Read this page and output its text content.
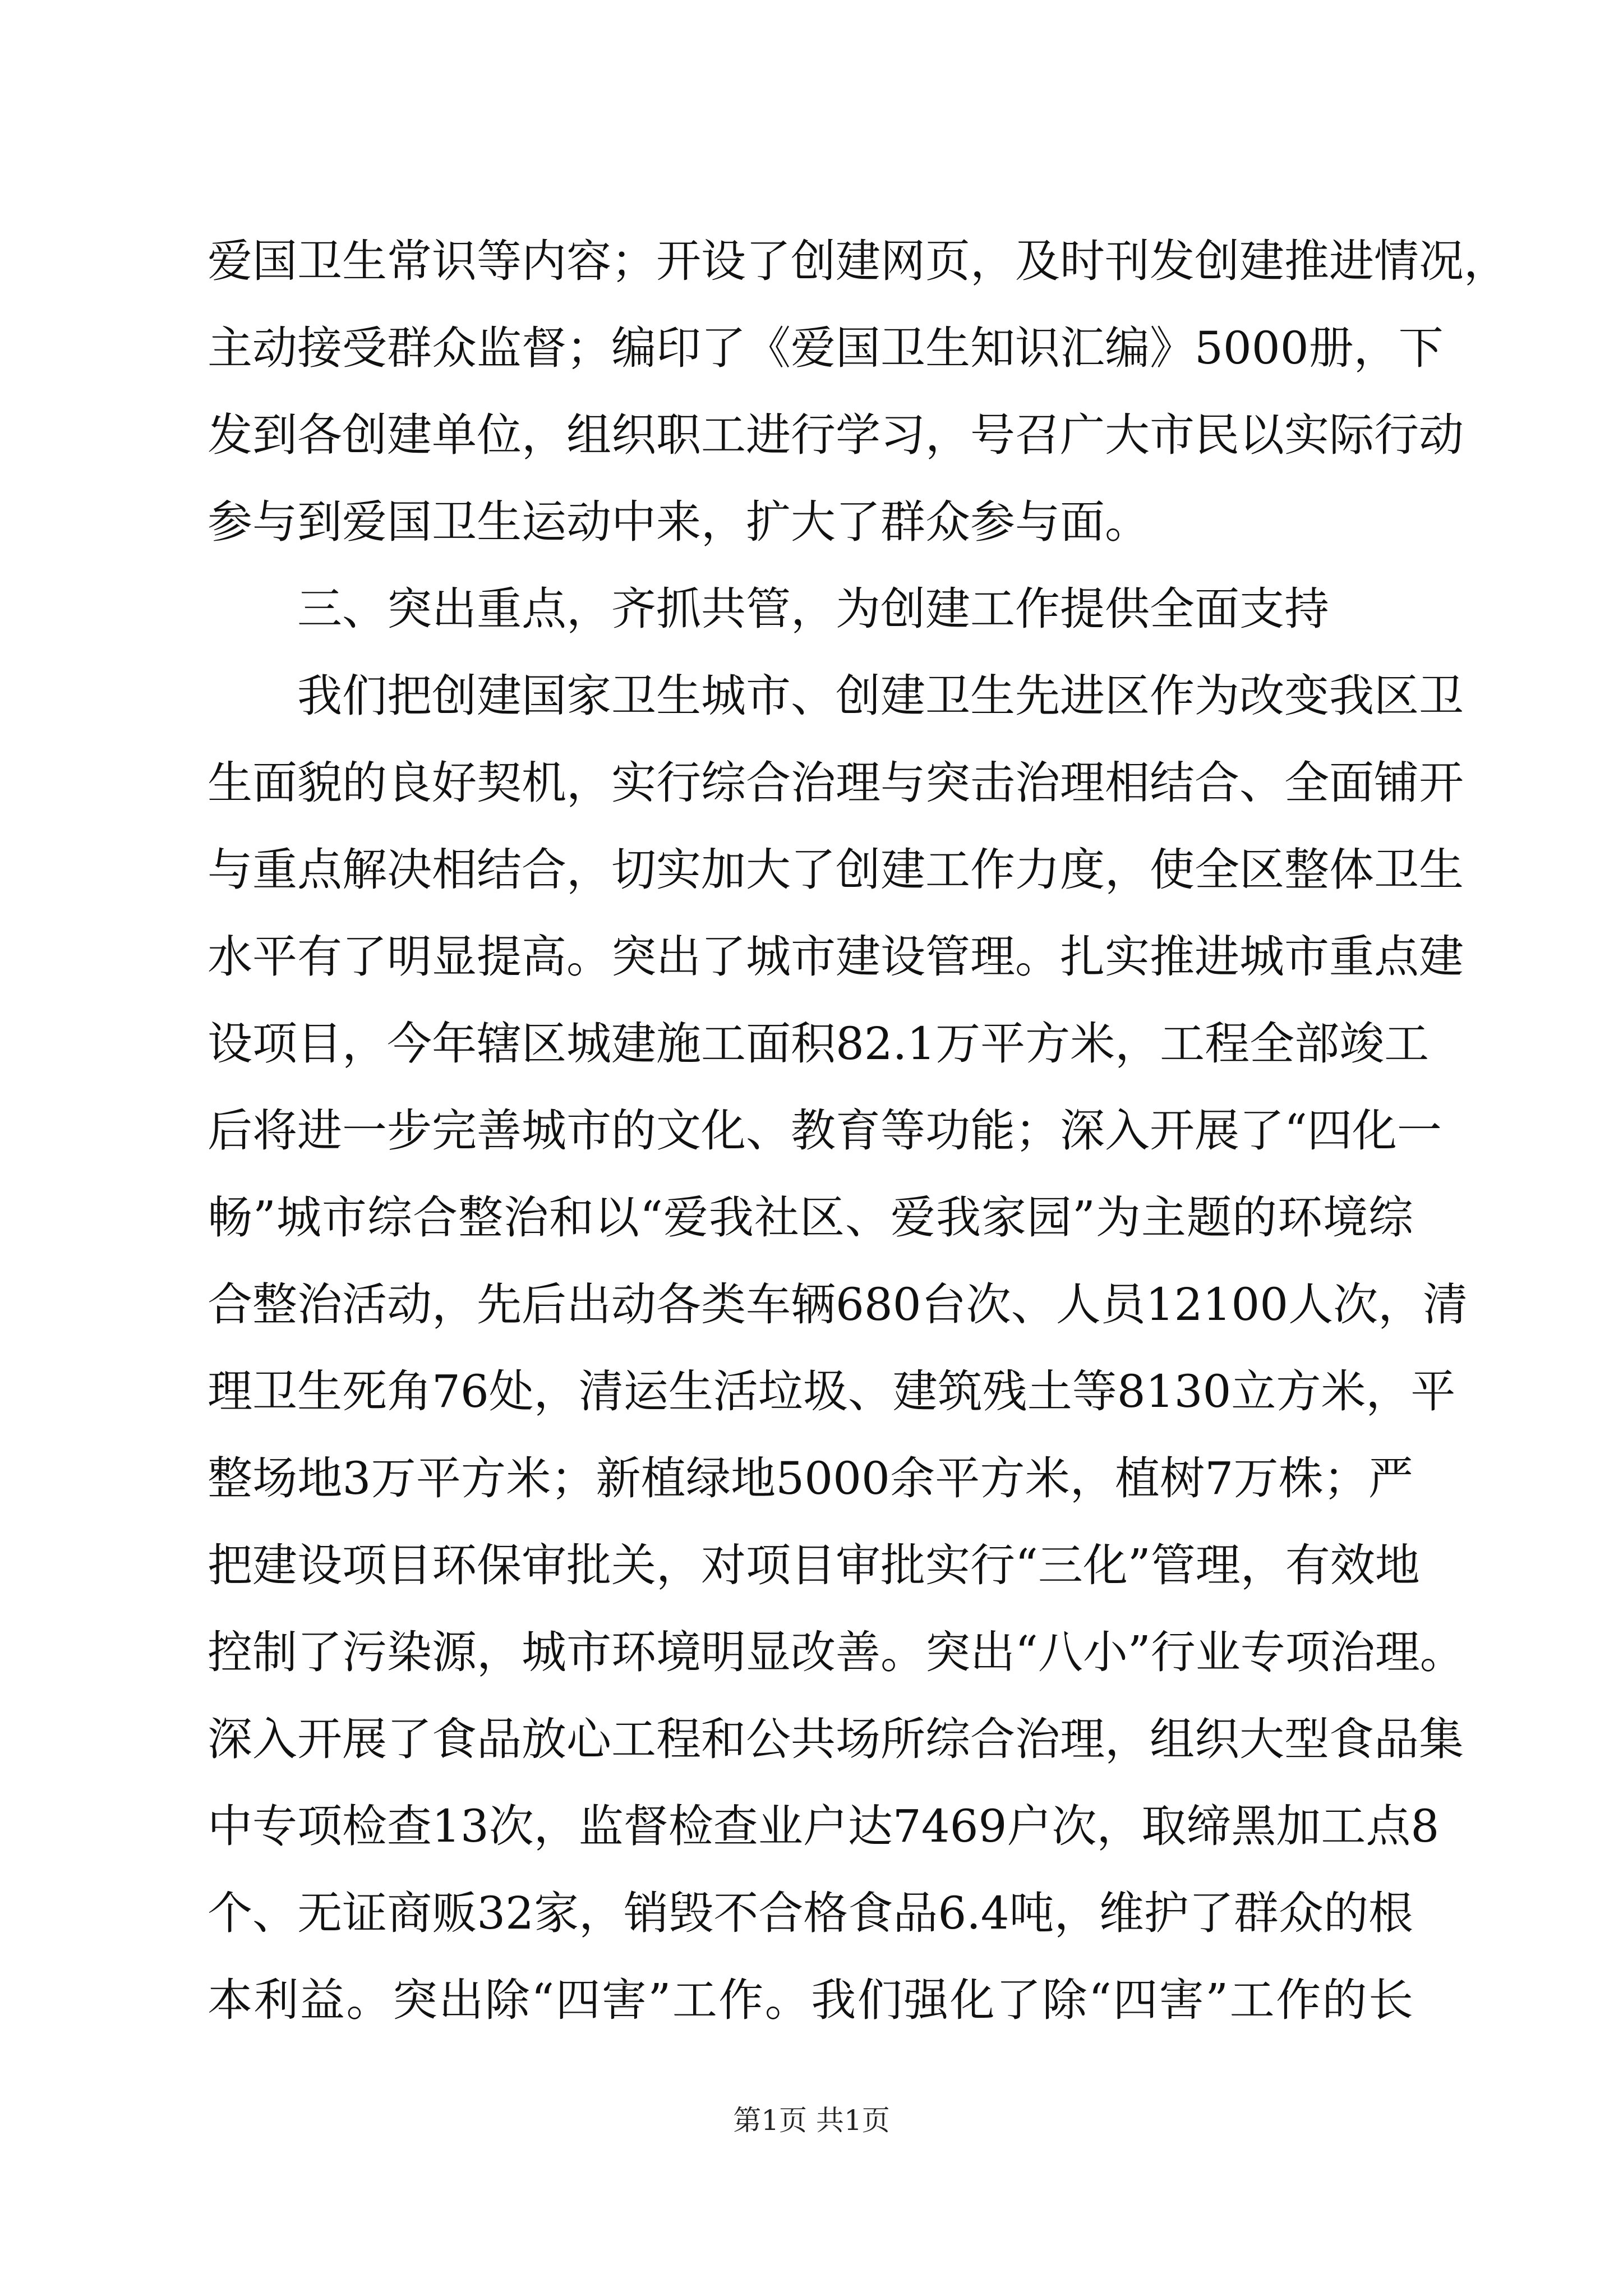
爱国卫生常识等内容；开设了创建网页，及时刊发创建推进情况，
主动接受群众监督；编印了《爱国卫生知识汇编》5000册，下
发到各创建单位，组织职工进行学习，号召广大市民以实际行动
参与到爱国卫生运动中来，扩大了群众参与面。
三、突出重点，齐抓共管，为创建工作提供全面支持
我们把创建国家卫生城市、创建卫生先进区作为改变我区卫
生面貌的良好契机，实行综合治理与突击治理相结合、全面铺开
与重点解决相结合，切实加大了创建工作力度，使全区整体卫生
水平有了明显提高。突出了城市建设管理。扎实推进城市重点建
设项目，今年辖区城建施工面积82.1万平方米，工程全部竣工
后将进一步完善城市的文化、教育等功能；深入开展了“四化一
畅”城市综合整治和以“爱我社区、爱我家园”为主题的环境综
合整治活动，先后出动各类车辆680台次、人员12100人次，清
理卫生死角76处，清运生活垃圾、建筑残土等8130立方米，平
整场地3万平方米；新植绿地5000余平方米，植树7万株；严
把建设项目环保审批关，对项目审批实行“三化”管理，有效地
控制了污染源，城市环境明显改善。突出“八小”行业专项治理。
深入开展了食品放心工程和公共场所综合治理，组织大型食品集
中专项检查13次，监督检查业户达7469户次，取缔黑加工点8
个、无证商贩32家，销毁不合格食品6.4吨，维护了群众的根
本利益。突出除“四害”工作。我们强化了除“四害”工作的长
第1页 共1页
